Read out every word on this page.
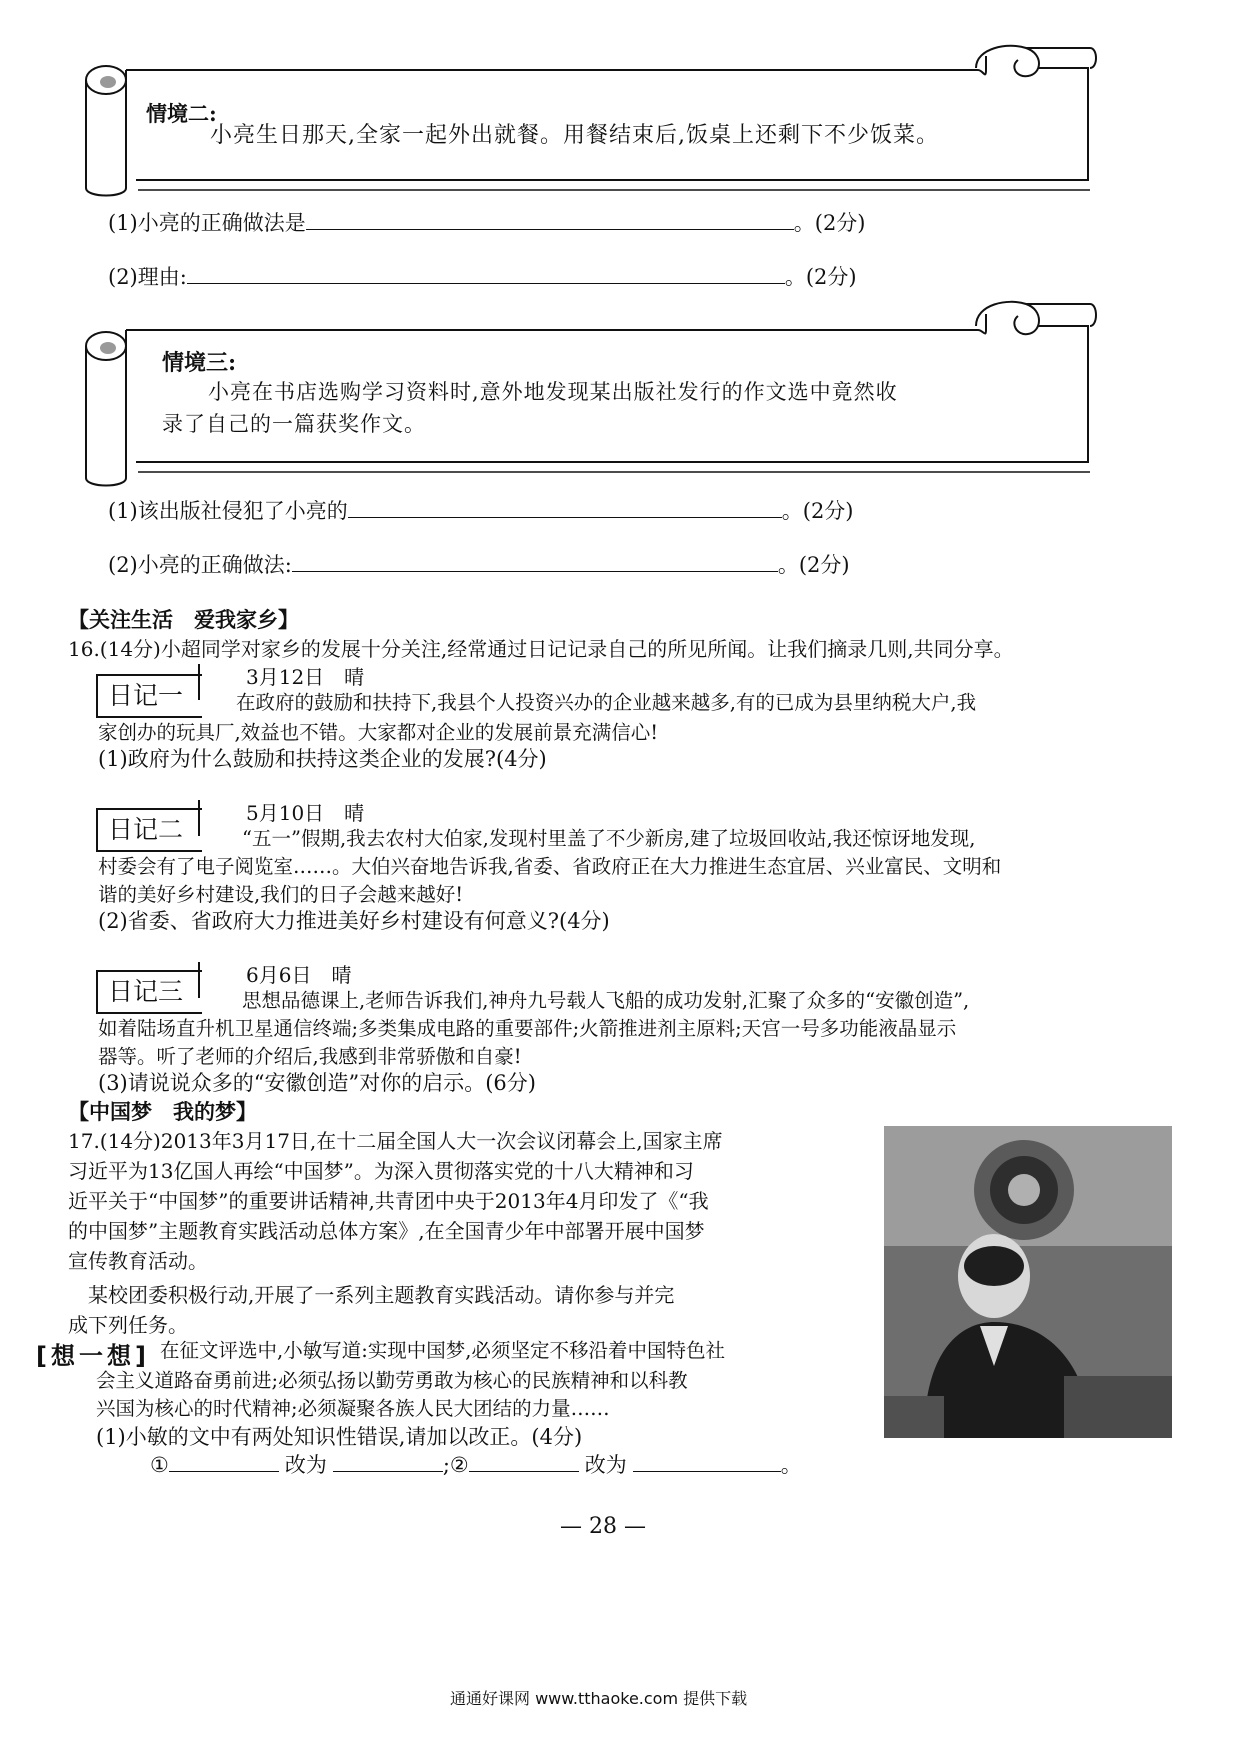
情境二:
小亮生日那天,全家一起外出就餐。用餐结束后,饭桌上还剩下不少饭菜。
(1)小亮的正确做法是	。(2分)
(2)理由:	。(2分)
情境三:
小亮在书店选购学习资料时,意外地发现某出版社发行的作文选中竟然收
录了自己的一篇获奖作文。
(1)该出版社侵犯了小亮的	。(2分)
(2)小亮的正确做法:	。(2分)
【关注生活　爱我家乡】
16.(14分)小超同学对家乡的发展十分关注,经常通过日记记录自己的所见所闻。让我们摘录几则,共同分享。
日记一
3月12日　晴
在政府的鼓励和扶持下,我县个人投资兴办的企业越来越多,有的已成为县里纳税大户,我
家创办的玩具厂,效益也不错。大家都对企业的发展前景充满信心!
(1)政府为什么鼓励和扶持这类企业的发展?(4分)
日记二
5月10日　晴
“五一”假期,我去农村大伯家,发现村里盖了不少新房,建了垃圾回收站,我还惊讶地发现,
村委会有了电子阅览室……。大伯兴奋地告诉我,省委、省政府正在大力推进生态宜居、兴业富民、文明和
谐的美好乡村建设,我们的日子会越来越好!
(2)省委、省政府大力推进美好乡村建设有何意义?(4分)
日记三
6月6日　晴
思想品德课上,老师告诉我们,神舟九号载人飞船的成功发射,汇聚了众多的“安徽创造”,
如着陆场直升机卫星通信终端;多类集成电路的重要部件;火箭推进剂主原料;天宫一号多功能液晶显示
器等。听了老师的介绍后,我感到非常骄傲和自豪!
(3)请说说众多的“安徽创造”对你的启示。(6分)
【中国梦　我的梦】
17.(14分)2013年3月17日,在十二届全国人大一次会议闭幕会上,国家主席
习近平为13亿国人再绘“中国梦”。为深入贯彻落实党的十八大精神和习
近平关于“中国梦”的重要讲话精神,共青团中央于2013年4月印发了《“我
的中国梦”主题教育实践活动总体方案》,在全国青少年中部署开展中国梦
宣传教育活动。
　某校团委积极行动,开展了一系列主题教育实践活动。请你参与并完
成下列任务。
[想一想] 在征文评选中,小敏写道:实现中国梦,必须坚定不移沿着中国特色社
会主义道路奋勇前进;必须弘扬以勤劳勇敢为核心的民族精神和以科教
兴国为核心的时代精神;必须凝聚各族人民大团结的力量……
(1)小敏的文中有两处知识性错误,请加以改正。(4分)
①	改为	;②	改为	。
— 28 —
通通好课网 www.tthaoke.com 提供下载
